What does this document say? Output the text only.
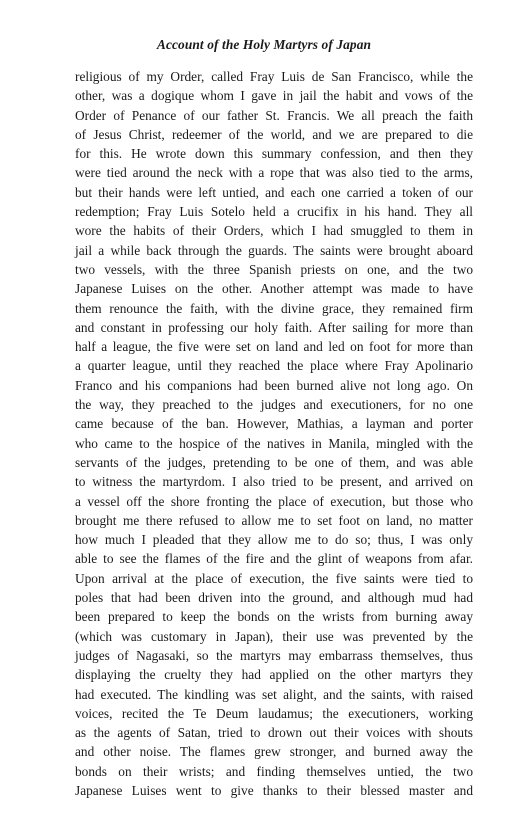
Account of the Holy Martyrs of Japan
religious of my Order, called Fray Luis de San Francisco, while the
other, was a dogique whom I gave in jail the habit and vows of the
Order of Penance of our father St. Francis. We all preach the faith
of Jesus Christ, redeemer of the world, and we are prepared to die
for this. He wrote down this summary confession, and then they
were tied around the neck with a rope that was also tied to the arms,
but their hands were left untied, and each one carried a token of our
redemption; Fray Luis Sotelo held a crucifix in his hand. They all
wore the habits of their Orders, which I had smuggled to them in
jail a while back through the guards. The saints were brought aboard
two vessels, with the three Spanish priests on one, and the two
Japanese Luises on the other. Another attempt was made to have
them renounce the faith, with the divine grace, they remained firm
and constant in professing our holy faith. After sailing for more than
half a league, the five were set on land and led on foot for more than
a quarter league, until they reached the place where Fray Apolinario
Franco and his companions had been burned alive not long ago. On
the way, they preached to the judges and executioners, for no one
came because of the ban. However, Mathias, a layman and porter
who came to the hospice of the natives in Manila, mingled with the
servants of the judges, pretending to be one of them, and was able
to witness the martyrdom. I also tried to be present, and arrived on
a vessel off the shore fronting the place of execution, but those who
brought me there refused to allow me to set foot on land, no matter
how much I pleaded that they allow me to do so; thus, I was only
able to see the flames of the fire and the glint of weapons from afar.
Upon arrival at the place of execution, the five saints were tied to
poles that had been driven into the ground, and although mud had
been prepared to keep the bonds on the wrists from burning away
(which was customary in Japan), their use was prevented by the
judges of Nagasaki, so the martyrs may embarrass themselves, thus
displaying the cruelty they had applied on the other martyrs they
had executed. The kindling was set alight, and the saints, with raised
voices, recited the Te Deum laudamus; the executioners, working
as the agents of Satan, tried to drown out their voices with shouts
and other noise. The flames grew stronger, and burned away the
bonds on their wrists; and finding themselves untied, the two
Japanese Luises went to give thanks to their blessed master and
